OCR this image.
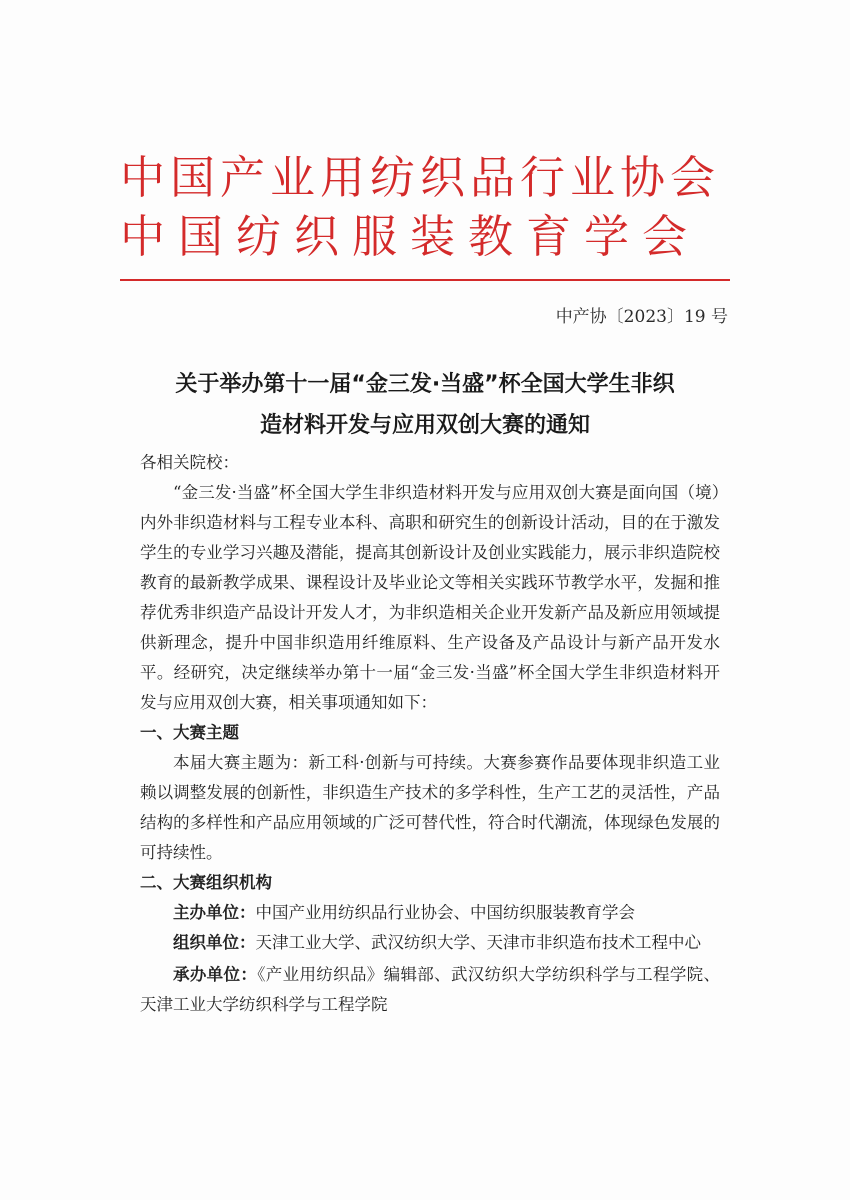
中国产业用纺织品行业协会
中国纺织服装教育学会
中产协〔2023〕19 号
关于举办第十一届“金三发·当盛”杯全国大学生非织
造材料开发与应用双创大赛的通知

各相关院校：

“金三发·当盛”杯全国大学生非织造材料开发与应用双创大赛是面向国（境）内外非织造材料与工程专业本科、高职和研究生的创新设计活动，目的在于激发学生的专业学习兴趣及潜能，提高其创新设计及创业实践能力，展示非织造院校教育的最新教学成果、课程设计及毕业论文等相关实践环节教学水平，发掘和推荐优秀非织造产品设计开发人才，为非织造相关企业开发新产品及新应用领域提供新理念，提升中国非织造用纤维原料、生产设备及产品设计与新产品开发水平。经研究，决定继续举办第十一届“金三发·当盛”杯全国大学生非织造材料开发与应用双创大赛，相关事项通知如下：

一、大赛主题

本届大赛主题为：新工科·创新与可持续。大赛参赛作品要体现非织造工业赖以调整发展的创新性，非织造生产技术的多学科性，生产工艺的灵活性，产品结构的多样性和产品应用领域的广泛可替代性，符合时代潮流，体现绿色发展的可持续性。

二、大赛组织机构

主办单位：中国产业用纺织品行业协会、中国纺织服装教育学会

组织单位：天津工业大学、武汉纺织大学、天津市非织造布技术工程中心

承办单位：《产业用纺织品》编辑部、武汉纺织大学纺织科学与工程学院、天津工业大学纺织科学与工程学院
